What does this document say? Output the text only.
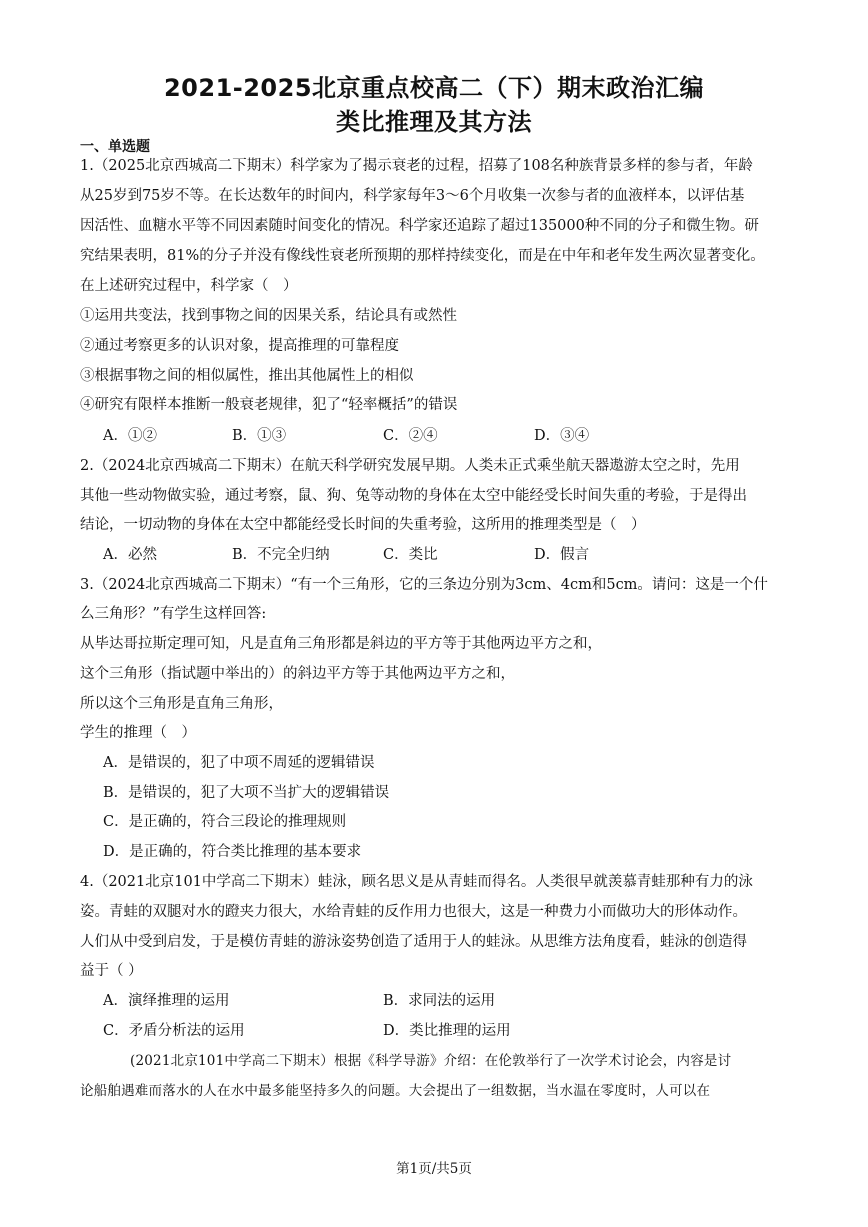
2021-2025北京重点校高二（下）期末政治汇编
类比推理及其方法
一、单选题
1.（2025北京西城高二下期末）科学家为了揭示衰老的过程，招募了108名种族背景多样的参与者，年龄
从25岁到75岁不等。在长达数年的时间内，科学家每年3～6个月收集一次参与者的血液样本，以评估基
因活性、血糖水平等不同因素随时间变化的情况。科学家还追踪了超过135000种不同的分子和微生物。研
究结果表明，81%的分子并没有像线性衰老所预期的那样持续变化，而是在中年和老年发生两次显著变化。
在上述研究过程中，科学家（　）
①运用共变法，找到事物之间的因果关系，结论具有或然性
②通过考察更多的认识对象，提高推理的可靠程度
③根据事物之间的相似属性，推出其他属性上的相似
④研究有限样本推断一般衰老规律，犯了“轻率概括”的错误
A．①②	B．①③	C．②④	D．③④
2.（2024北京西城高二下期末）在航天科学研究发展早期。人类未正式乘坐航天器遨游太空之时，先用
其他一些动物做实验，通过考察，鼠、狗、兔等动物的身体在太空中能经受长时间失重的考验，于是得出
结论，一切动物的身体在太空中都能经受长时间的失重考验，这所用的推理类型是（　）
A．必然	B．不完全归纳	C．类比	D．假言
3.（2024北京西城高二下期末）“有一个三角形，它的三条边分别为3cm、4cm和5cm。请问：这是一个什
么三角形？”有学生这样回答:
从毕达哥拉斯定理可知，凡是直角三角形都是斜边的平方等于其他两边平方之和，
这个三角形（指试题中举出的）的斜边平方等于其他两边平方之和，
所以这个三角形是直角三角形，
学生的推理（　）
A．是错误的，犯了中项不周延的逻辑错误
B．是错误的，犯了大项不当扩大的逻辑错误
C．是正确的，符合三段论的推理规则
D．是正确的，符合类比推理的基本要求
4.（2021北京101中学高二下期末）蛙泳，顾名思义是从青蛙而得名。人类很早就羡慕青蛙那种有力的泳
姿。青蛙的双腿对水的蹬夹力很大，水给青蛙的反作用力也很大，这是一种费力小而做功大的形体动作。
人们从中受到启发，于是模仿青蛙的游泳姿势创造了适用于人的蛙泳。从思维方法角度看，蛙泳的创造得
益于（ ）
A．演绎推理的运用	B．求同法的运用
C．矛盾分析法的运用	D．类比推理的运用
(2021北京101中学高二下期末）根据《科学导游》介绍：在伦敦举行了一次学术讨论会，内容是讨
论船舶遇难而落水的人在水中最多能坚持多久的问题。大会提出了一组数据，当水温在零度时，人可以在
第1页/共5页
